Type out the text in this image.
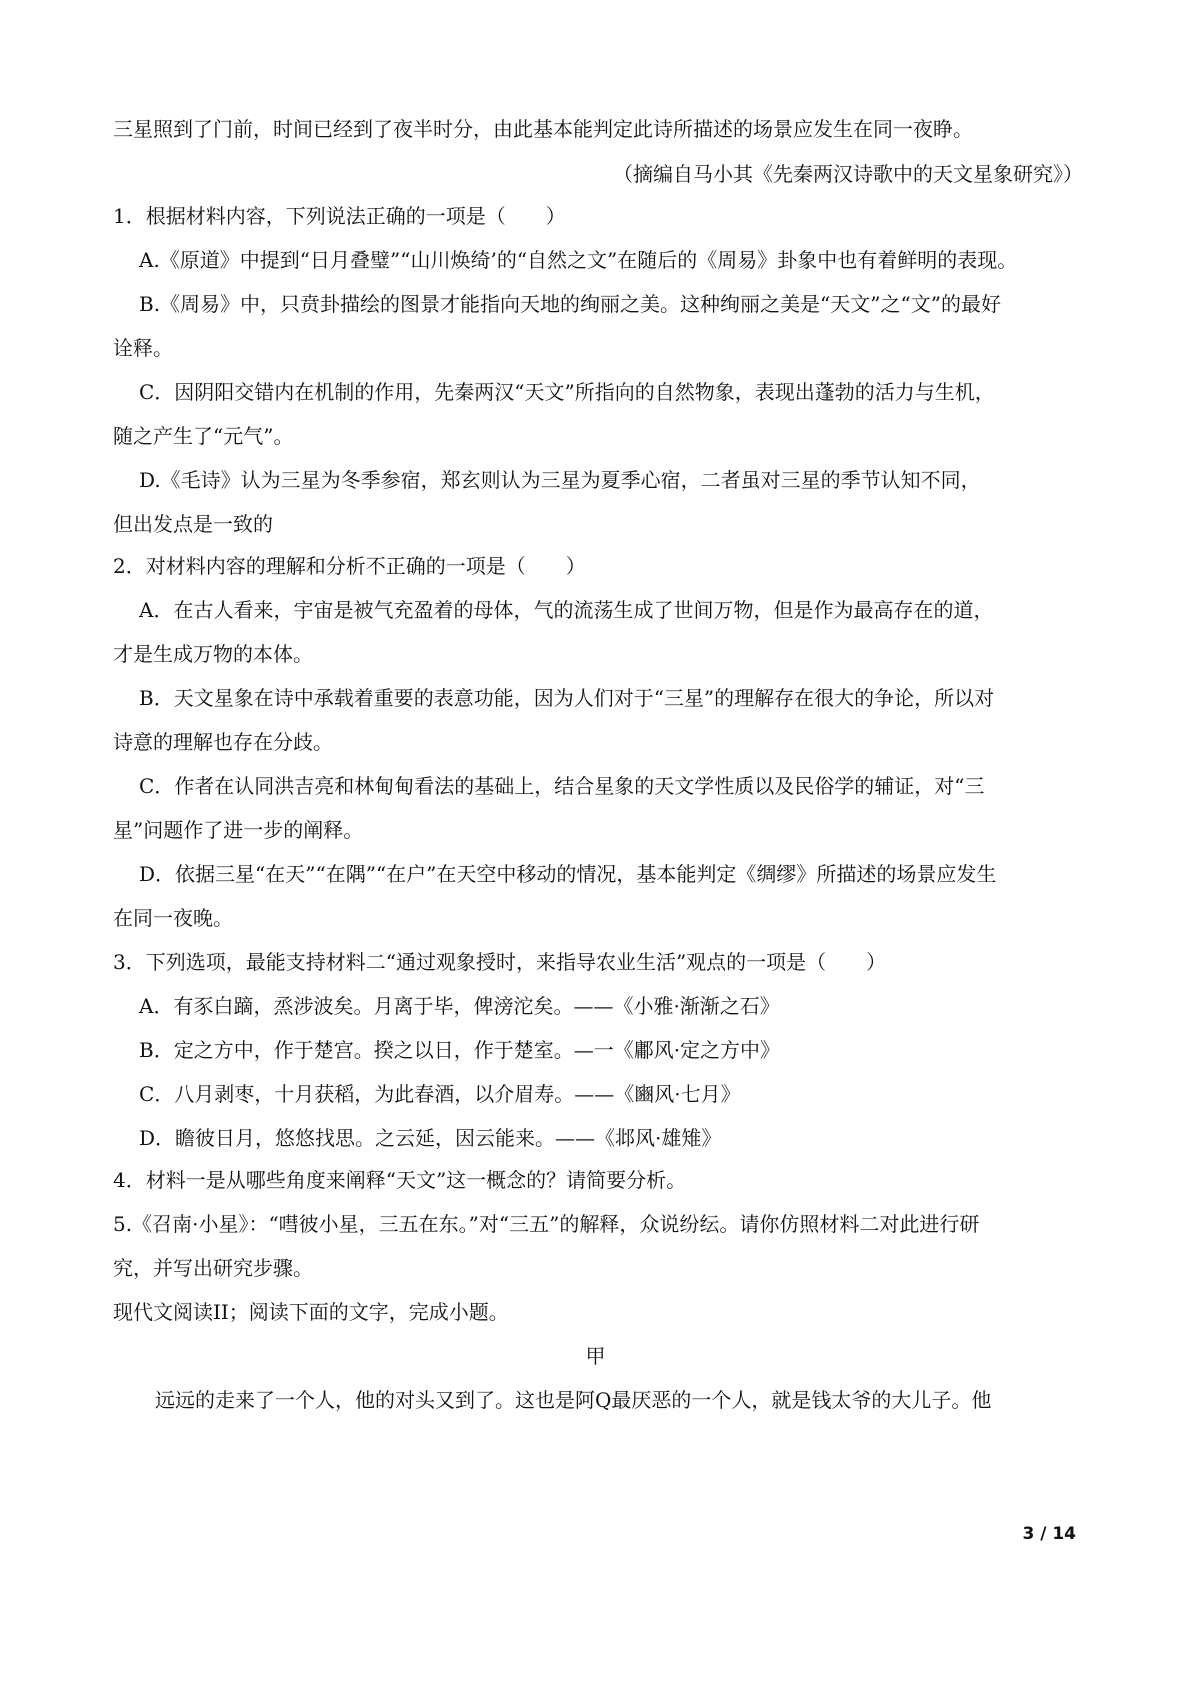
三星照到了门前，时间已经到了夜半时分，由此基本能判定此诗所描述的场景应发生在同一夜睁。
（摘编自马小其《先秦两汉诗歌中的天文星象研究》）
1．根据材料内容，下列说法正确的一项是（　　）
A.《原道》中提到“日月叠璧”“山川焕绮’的“自然之文”在随后的《周易》卦象中也有着鲜明的表现。
B.《周易》中，只贲卦描绘的图景才能指向天地的绚丽之美。这种绚丽之美是“天文”之“文”的最好
诠释。
C．因阴阳交错内在机制的作用，先秦两汉“天文”所指向的自然物象，表现出蓬勃的活力与生机，
随之产生了“元气”。
D.《毛诗》认为三星为冬季参宿，郑玄则认为三星为夏季心宿，二者虽对三星的季节认知不同，
但出发点是一致的
2．对材料内容的理解和分析不正确的一项是（　　）
A．在古人看来，宇宙是被气充盈着的母体，气的流荡生成了世间万物，但是作为最高存在的道，
才是生成万物的本体。
B．天文星象在诗中承载着重要的表意功能，因为人们对于“三星”的理解存在很大的争论，所以对
诗意的理解也存在分歧。
C．作者在认同洪吉亮和林甸甸看法的基础上，结合星象的天文学性质以及民俗学的辅证，对“三
星”问题作了进一步的阐释。
D．依据三星“在天”“在隅”“在户”在天空中移动的情况，基本能判定《绸缪》所描述的场景应发生
在同一夜晚。
3．下列选项，最能支持材料二“通过观象授时，来指导农业生活”观点的一项是（　　）
A．有豕白蹢，烝涉波矣。月离于毕，俾滂沱矣。——《小雅·渐渐之石》
B．定之方中，作于楚宫。揆之以日，作于楚室。—一《鄘风·定之方中》
C．八月剥枣，十月获稻，为此春酒，以介眉寿。——《豳风·七月》
D．瞻彼日月，悠悠找思。之云延，因云能来。——《邶风·雄雉》
4．材料一是从哪些角度来阐释“天文”这一概念的？请简要分析。
5.《召南·小星》：“嘒彼小星，三五在东。”对“三五”的解释，众说纷纭。请你仿照材料二对此进行研
究，并写出研究步骤。
现代文阅读II；阅读下面的文字，完成小题。
甲
远远的走来了一个人，他的对头又到了。这也是阿Q最厌恶的一个人，就是钱太爷的大儿子。他
3 / 14
